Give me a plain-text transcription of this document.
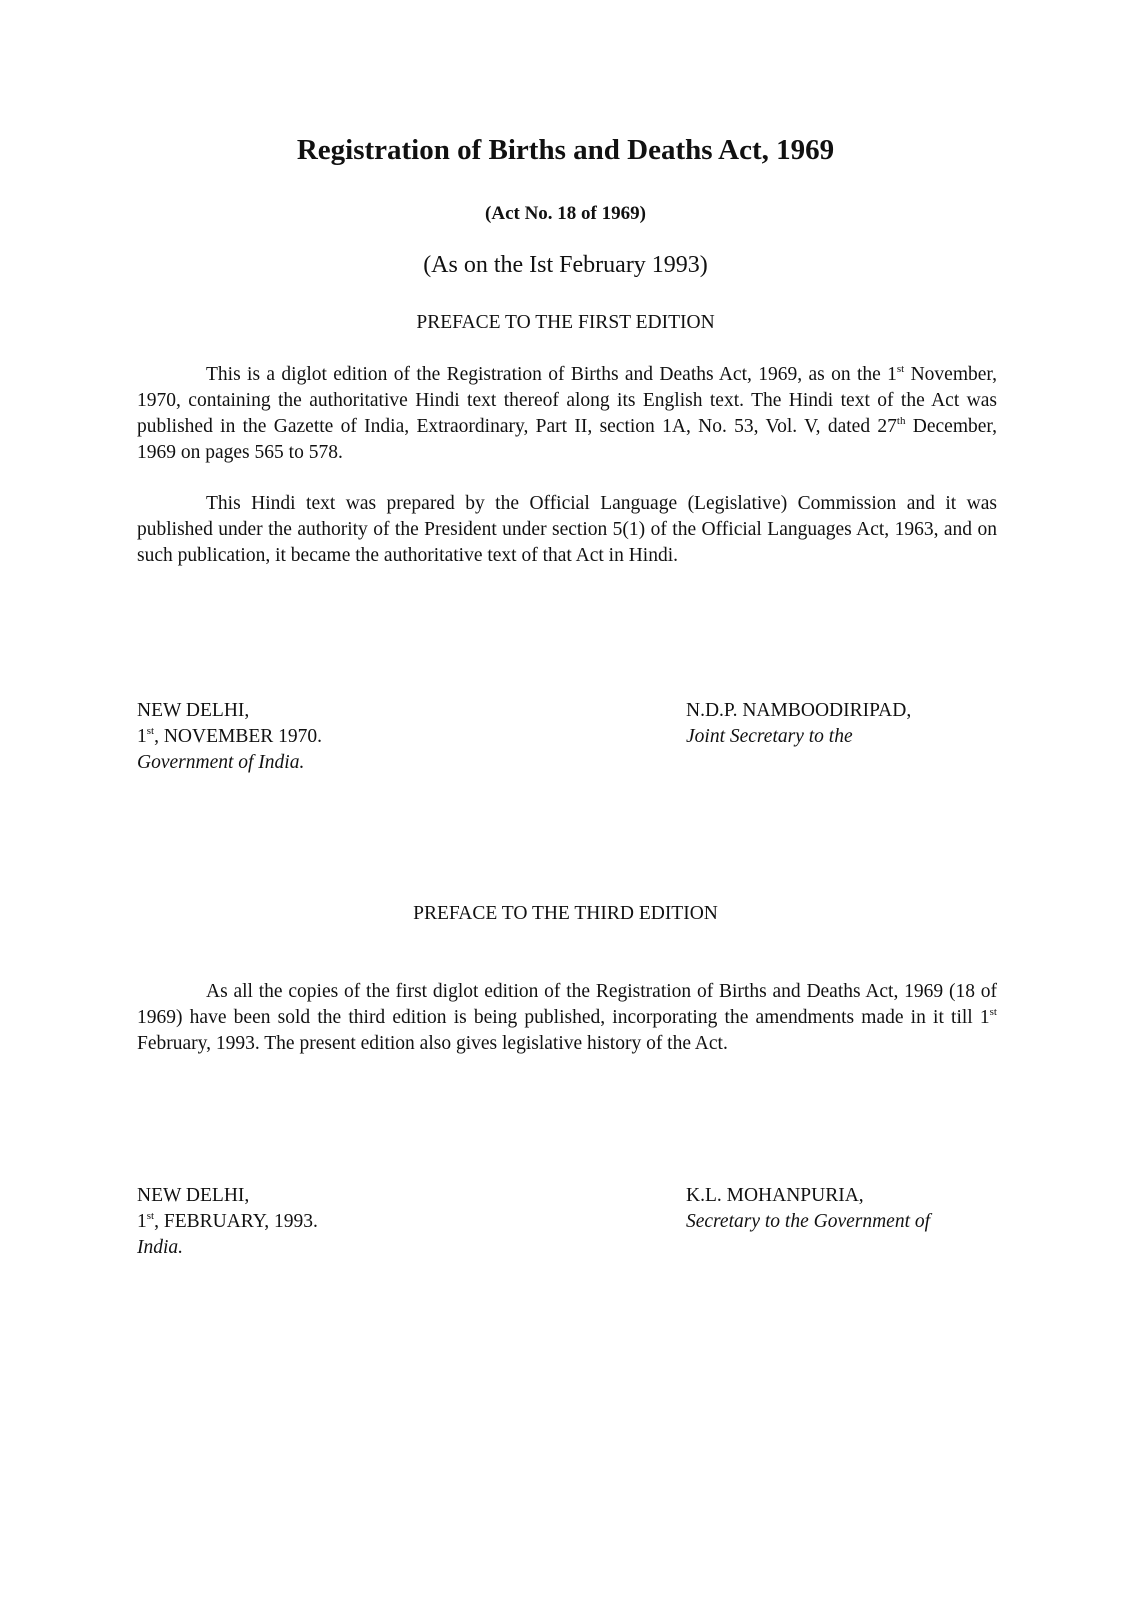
Registration of Births and Deaths Act, 1969
(Act No. 18 of 1969)
(As on the Ist February 1993)
PREFACE TO THE FIRST EDITION

This is a diglot edition of the Registration of Births and Deaths Act, 1969, as on the 1st November, 1970, containing the authoritative Hindi text thereof along its English text. The Hindi text of the Act was published in the Gazette of India, Extraordinary, Part II, section 1A, No. 53, Vol. V, dated 27th December, 1969 on pages 565 to 578.

This Hindi text was prepared by the Official Language (Legislative) Commission and it was published under the authority of the President under section 5(1) of the Official Languages Act, 1963, and on such publication, it became the authoritative text of that Act in Hindi.

NEW DELHI,
1st, NOVEMBER 1970.
Government of India.
N.D.P. NAMBOODIRIPAD,
Joint Secretary to the
PREFACE TO THE THIRD EDITION

As all the copies of the first diglot edition of the Registration of Births and Deaths Act, 1969 (18 of 1969) have been sold the third edition is being published, incorporating the amendments made in it till 1st February, 1993. The present edition also gives legislative history of the Act.

NEW DELHI,
1st, FEBRUARY, 1993.
India.
K.L. MOHANPURIA,
Secretary to the Government of
